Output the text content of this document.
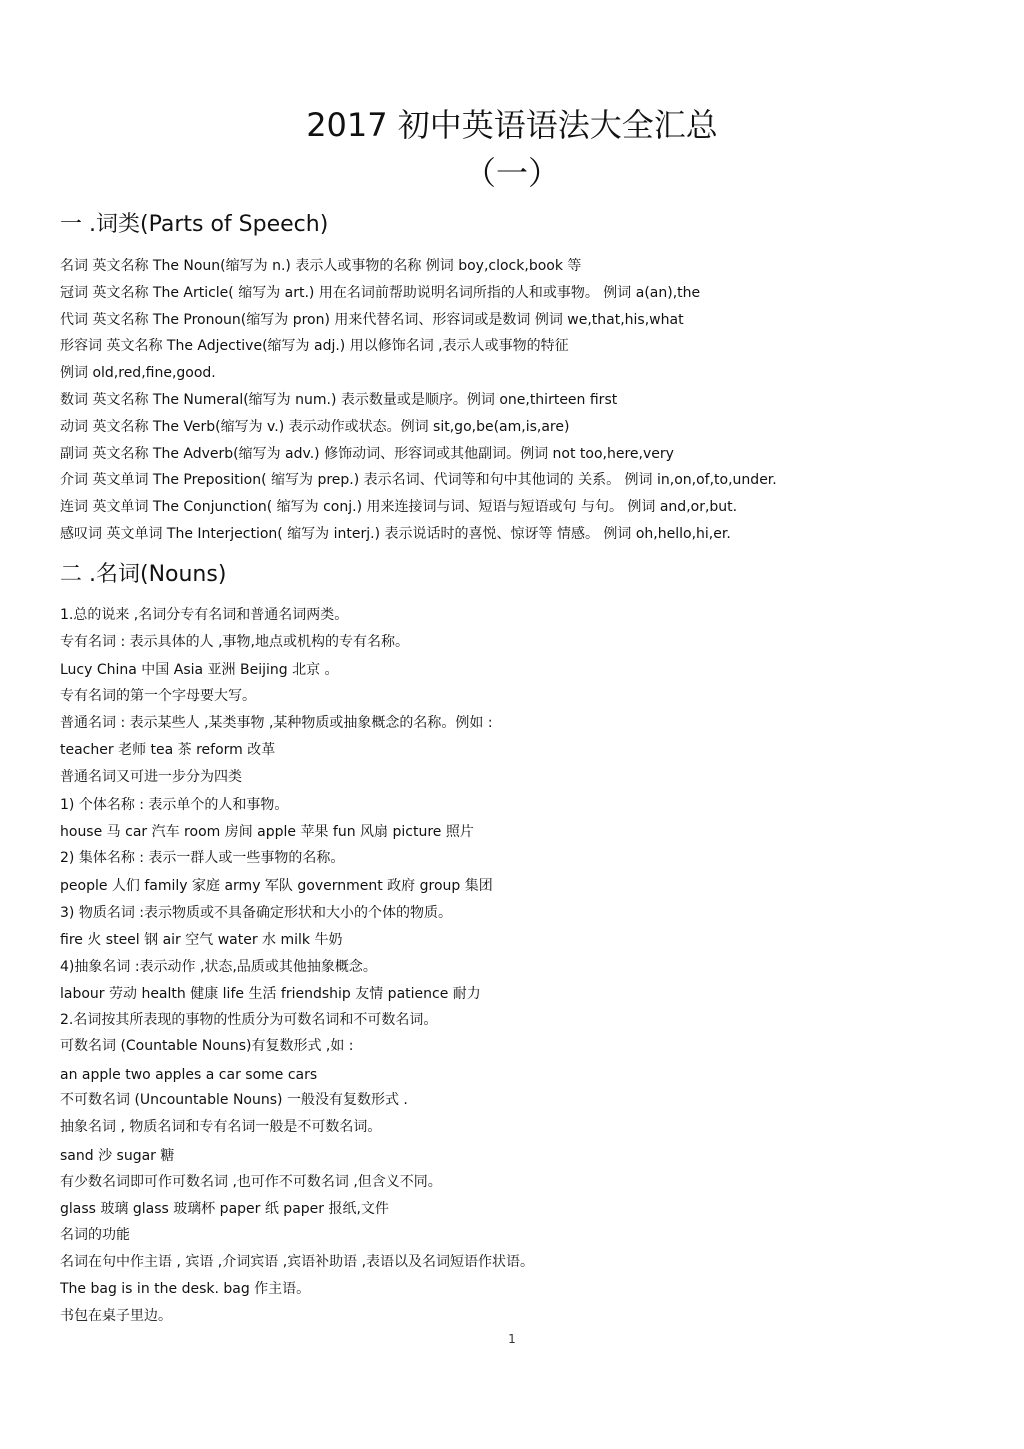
2017 初中英语语法大全汇总
（一）
一 .词类(Parts of Speech)
名词 英文名称 The Noun(缩写为 n.) 表示人或事物的名称 例词 boy,clock,book 等
冠词 英文名称 The Article( 缩写为 art.) 用在名词前帮助说明名词所指的人和或事物。 例词 a(an),the
代词 英文名称 The Pronoun(缩写为 pron) 用来代替名词、形容词或是数词 例词 we,that,his,what
形容词 英文名称 The Adjective(缩写为 adj.) 用以修饰名词 ,表示人或事物的特征
例词 old,red,fine,good.
数词 英文名称 The Numeral(缩写为 num.) 表示数量或是顺序。例词 one,thirteen first
动词 英文名称 The Verb(缩写为 v.) 表示动作或状态。例词 sit,go,be(am,is,are)
副词 英文名称 The Adverb(缩写为 adv.) 修饰动词、形容词或其他副词。例词 not too,here,very
介词 英文单词 The Preposition( 缩写为 prep.) 表示名词、代词等和句中其他词的 关系。 例词 in,on,of,to,under.
连词 英文单词 The Conjunction( 缩写为 conj.) 用来连接词与词、短语与短语或句 与句。 例词 and,or,but.
感叹词 英文单词 The Interjection( 缩写为 interj.) 表示说话时的喜悦、惊讶等 情感。 例词 oh,hello,hi,er.
二 .名词(Nouns)
1.总的说来 ,名词分专有名词和普通名词两类。
专有名词 : 表示具体的人 ,事物,地点或机构的专有名称。
Lucy China 中国 Asia 亚洲 Beijing 北京 。
专有名词的第一个字母要大写。
普通名词 : 表示某些人 ,某类事物 ,某种物质或抽象概念的名称。例如 :
teacher 老师 tea 茶 reform 改革
普通名词又可进一步分为四类
1) 个体名称 : 表示单个的人和事物。
house 马 car 汽车 room 房间 apple 苹果 fun 风扇 picture 照片
2) 集体名称 : 表示一群人或一些事物的名称。
people 人们 family 家庭 army 军队 government 政府 group 集团
3) 物质名词 :表示物质或不具备确定形状和大小的个体的物质。
fire 火 steel 钢 air 空气 water 水 milk 牛奶
4)抽象名词 :表示动作 ,状态,品质或其他抽象概念。
labour 劳动 health 健康 life 生活 friendship 友情 patience 耐力
2.名词按其所表现的事物的性质分为可数名词和不可数名词。
可数名词 (Countable Nouns)有复数形式 ,如 :
an apple two apples a car some cars
不可数名词 (Uncountable Nouns) 一般没有复数形式 .
抽象名词 , 物质名词和专有名词一般是不可数名词。
sand 沙 sugar 糖
有少数名词即可作可数名词 ,也可作不可数名词 ,但含义不同。
glass 玻璃 glass 玻璃杯 paper 纸 paper 报纸,文件
名词的功能
名词在句中作主语 , 宾语 ,介词宾语 ,宾语补助语 ,表语以及名词短语作状语。
The bag is in the desk. bag 作主语。
书包在桌子里边。
1
